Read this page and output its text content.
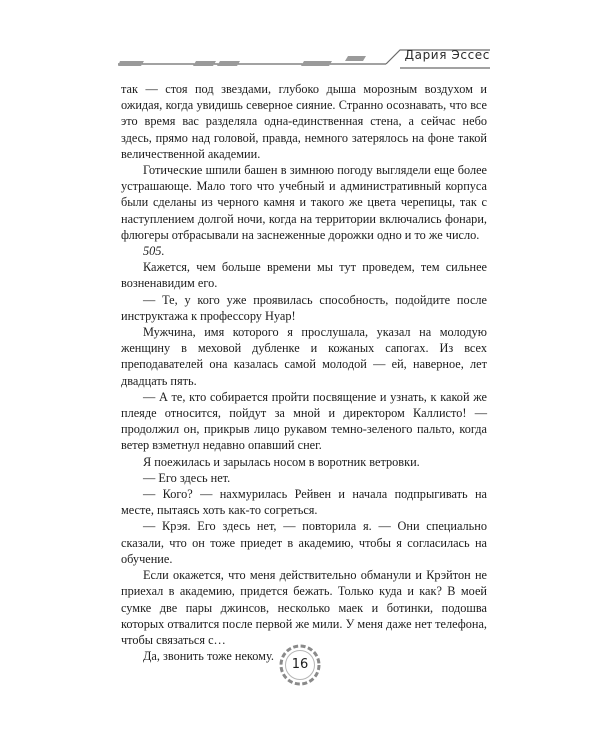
Дария Эссес

так — стоя под звездами, глубоко дыша морозным воздухом и ожидая, когда увидишь северное сияние. Странно осознавать, что все это время вас разделяла одна-единственная стена, а сейчас небо здесь, прямо над головой, правда, немного затерялось на фоне такой величественной академии.

Готические шпили башен в зимнюю погоду выглядели еще более устрашающе. Мало того что учебный и административный корпуса были сделаны из черного камня и такого же цвета черепицы, так с наступлением долгой ночи, когда на территории включались фонари, флюгеры отбрасывали на заснеженные дорожки одно и то же число.

505.

Кажется, чем больше времени мы тут проведем, тем сильнее возненавидим его.

— Те, у кого уже проявилась способность, подойдите после инструктажа к профессору Нуар!

Мужчина, имя которого я прослушала, указал на молодую женщину в меховой дубленке и кожаных сапогах. Из всех преподавателей она казалась самой молодой — ей, наверное, лет двадцать пять.

— А те, кто собирается пройти посвящение и узнать, к какой же плеяде относится, пойдут за мной и директором Каллисто! — продолжил он, прикрыв лицо рукавом темно-зеленого пальто, когда ветер взметнул недавно опавший снег.

Я поежилась и зарылась носом в воротник ветровки.

— Его здесь нет.

— Кого? — нахмурилась Рейвен и начала подпрыгивать на месте, пытаясь хоть как-то согреться.

— Крэя. Его здесь нет, — повторила я. — Они специально сказали, что он тоже приедет в академию, чтобы я согласилась на обучение.

Если окажется, что меня действительно обманули и Крэйтон не приехал в академию, придется бежать. Только куда и как? В моей сумке две пары джинсов, несколько маек и ботинки, подошва которых отвалится после первой же мили. У меня даже нет телефона, чтобы связаться с…

Да, звонить тоже некому.

16
